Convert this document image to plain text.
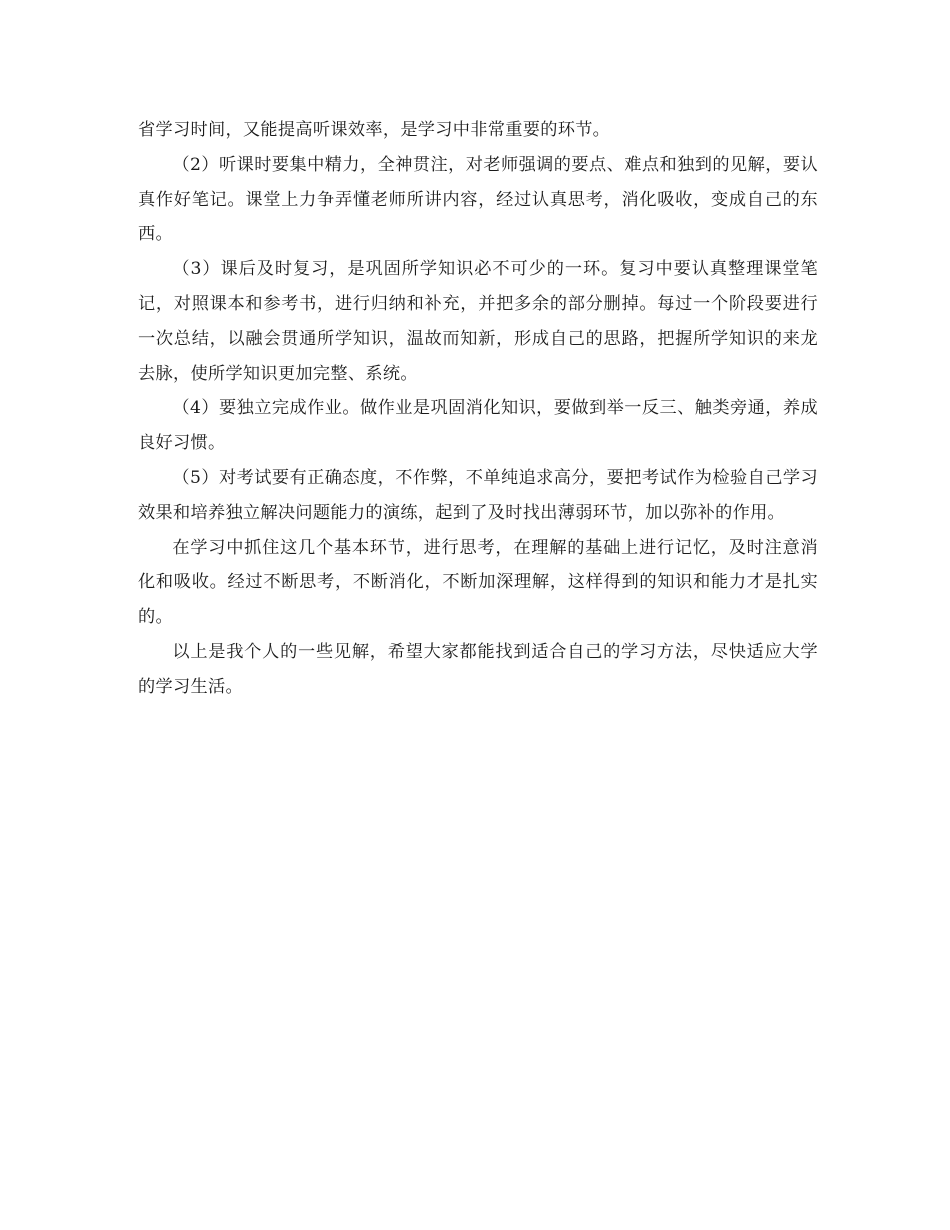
省学习时间，又能提高听课效率，是学习中非常重要的环节。

（2）听课时要集中精力，全神贯注，对老师强调的要点、难点和独到的见解，要认真作好笔记。课堂上力争弄懂老师所讲内容，经过认真思考，消化吸收，变成自己的东西。

（3）课后及时复习，是巩固所学知识必不可少的一环。复习中要认真整理课堂笔记，对照课本和参考书，进行归纳和补充，并把多余的部分删掉。每过一个阶段要进行一次总结，以融会贯通所学知识，温故而知新，形成自己的思路，把握所学知识的来龙去脉，使所学知识更加完整、系统。

（4）要独立完成作业。做作业是巩固消化知识，要做到举一反三、触类旁通，养成良好习惯。

（5）对考试要有正确态度，不作弊，不单纯追求高分，要把考试作为检验自己学习效果和培养独立解决问题能力的演练，起到了及时找出薄弱环节，加以弥补的作用。

在学习中抓住这几个基本环节，进行思考，在理解的基础上进行记忆，及时注意消化和吸收。经过不断思考，不断消化，不断加深理解，这样得到的知识和能力才是扎实的。

以上是我个人的一些见解，希望大家都能找到适合自己的学习方法，尽快适应大学的学习生活。
